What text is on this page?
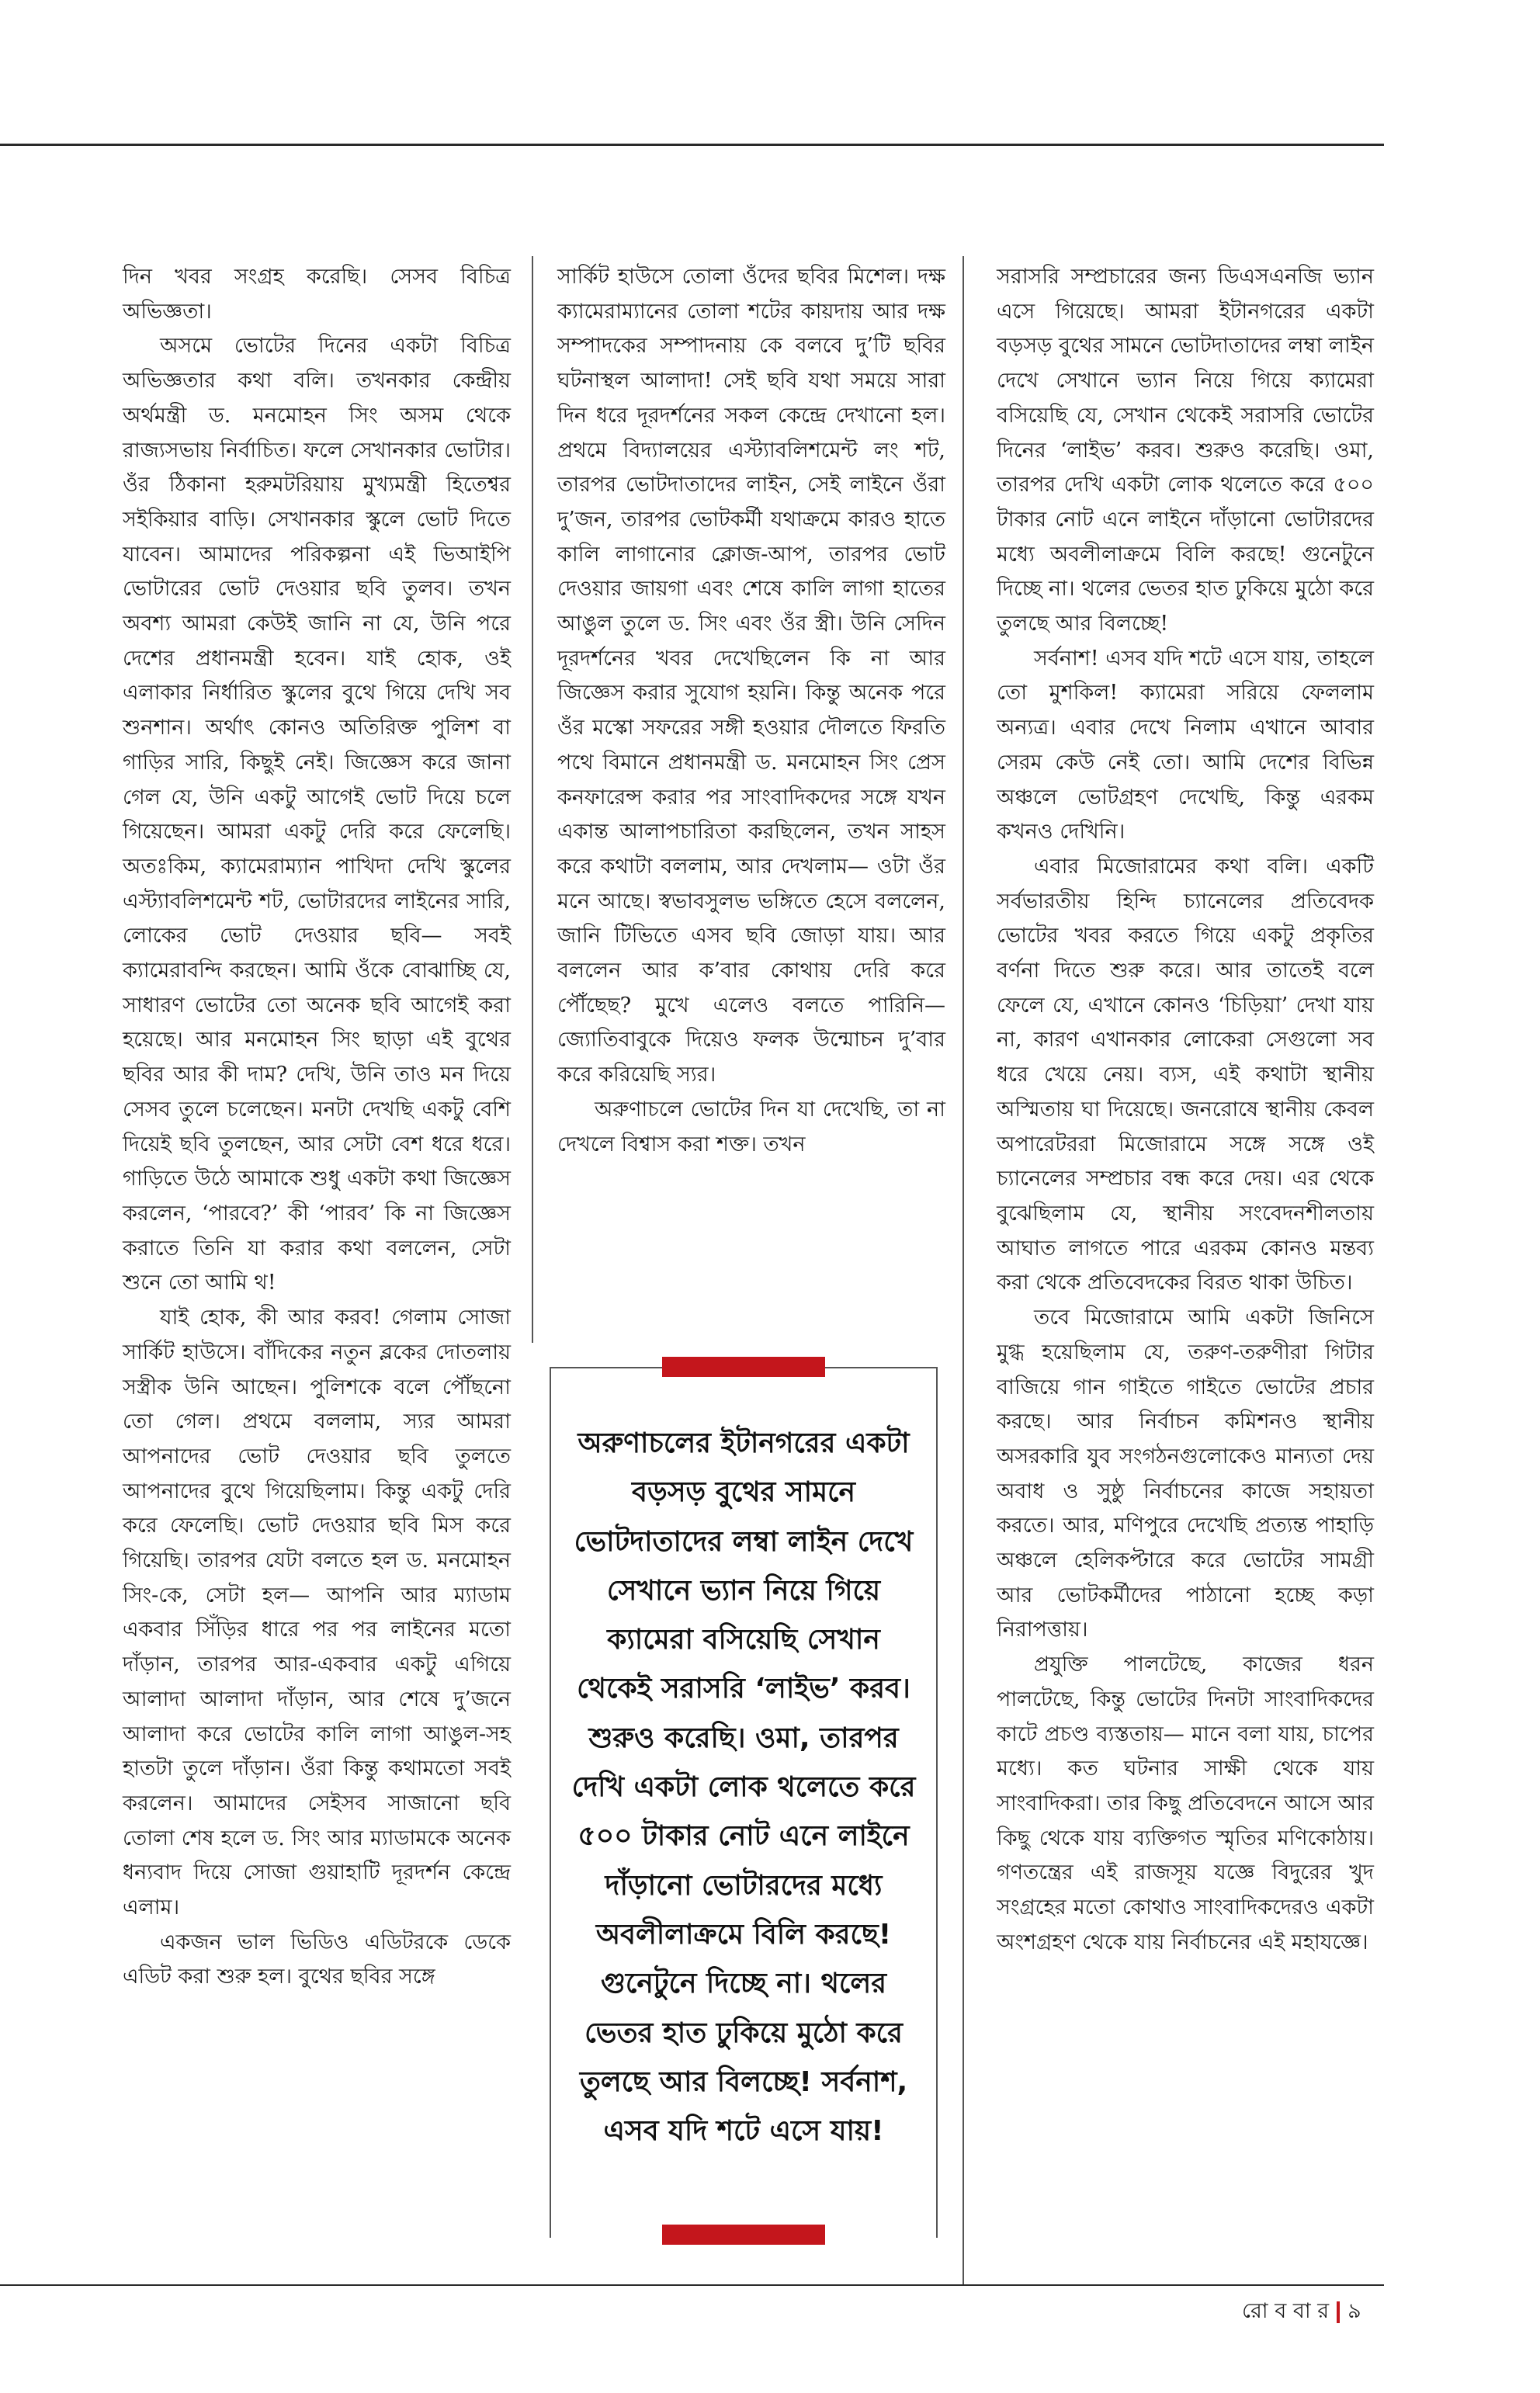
দিন খবর সংগ্রহ করেছি। সেসব বিচিত্র অভিজ্ঞতা।

অসমে ভোটের দিনের একটা বিচিত্র অভিজ্ঞতার কথা বলি। তখনকার কেন্দ্রীয় অর্থমন্ত্রী ড. মনমোহন সিং অসম থেকে রাজ্যসভায় নির্বাচিত। ফলে সেখানকার ভোটার। ওঁর ঠিকানা হরুমটরিয়ায় মুখ্যমন্ত্রী হিতেশ্বর সইকিয়ার বাড়ি। সেখানকার স্কুলে ভোট দিতে যাবেন। আমাদের পরিকল্পনা এই ভিআইপি ভোটারের ভোট দেওয়ার ছবি তুলব। তখন অবশ্য আমরা কেউই জানি না যে, উনি পরে দেশের প্রধানমন্ত্রী হবেন। যাই হোক, ওই এলাকার নির্ধারিত স্কুলের বুথে গিয়ে দেখি সব শুনশান। অর্থাৎ কোনও অতিরিক্ত পুলিশ বা গাড়ির সারি, কিছুই নেই। জিজ্ঞেস করে জানা গেল যে, উনি একটু আগেই ভোট দিয়ে চলে গিয়েছেন। আমরা একটু দেরি করে ফেলেছি। অতঃকিম, ক্যামেরাম্যান পাখিদা দেখি স্কুলের এস্ট্যাবলিশমেন্ট শট, ভোটারদের লাইনের সারি, লোকের ভোট দেওয়ার ছবি— সবই ক্যামেরাবন্দি করছেন। আমি ওঁকে বোঝাচ্ছি যে, সাধারণ ভোটের তো অনেক ছবি আগেই করা হয়েছে। আর মনমোহন সিং ছাড়া এই বুথের ছবির আর কী দাম? দেখি, উনি তাও মন দিয়ে সেসব তুলে চলেছেন। মনটা দেখছি একটু বেশি দিয়েই ছবি তুলছেন, আর সেটা বেশ ধরে ধরে। গাড়িতে উঠে আমাকে শুধু একটা কথা জিজ্ঞেস করলেন, ‘পারবে?’ কী ‘পারব’ কি না জিজ্ঞেস করাতে তিনি যা করার কথা বললেন, সেটা শুনে তো আমি থ!

যাই হোক, কী আর করব! গেলাম সোজা সার্কিট হাউসে। বাঁদিকের নতুন ব্লকের দোতলায় সস্ত্রীক উনি আছেন। পুলিশকে বলে পৌঁছনো তো গেল। প্রথমে বললাম, স্যর আমরা আপনাদের ভোট দেওয়ার ছবি তুলতে আপনাদের বুথে গিয়েছিলাম। কিন্তু একটু দেরি করে ফেলেছি। ভোট দেওয়ার ছবি মিস করে গিয়েছি। তারপর যেটা বলতে হল ড. মনমোহন সিং-কে, সেটা হল— আপনি আর ম্যাডাম একবার সিঁড়ির ধারে পর পর লাইনের মতো দাঁড়ান, তারপর আর-একবার একটু এগিয়ে আলাদা আলাদা দাঁড়ান, আর শেষে দু’জনে আলাদা করে ভোটের কালি লাগা আঙুল-সহ হাতটা তুলে দাঁড়ান। ওঁরা কিন্তু কথামতো সবই করলেন। আমাদের সেইসব সাজানো ছবি তোলা শেষ হলে ড. সিং আর ম্যাডামকে অনেক ধন্যবাদ দিয়ে সোজা গুয়াহাটি দূরদর্শন কেন্দ্রে এলাম।

একজন ভাল ভিডিও এডিটরকে ডেকে এডিট করা শুরু হল। বুথের ছবির সঙ্গে

সার্কিট হাউসে তোলা ওঁদের ছবির মিশেল। দক্ষ ক্যামেরাম্যানের তোলা শটের কায়দায় আর দক্ষ সম্পাদকের সম্পাদনায় কে বলবে দু’টি ছবির ঘটনাস্থল আলাদা! সেই ছবি যথা সময়ে সারা দিন ধরে দূরদর্শনের সকল কেন্দ্রে দেখানো হল। প্রথমে বিদ্যালয়ের এস্ট্যাবলিশমেন্ট লং শট, তারপর ভোটদাতাদের লাইন, সেই লাইনে ওঁরা দু’জন, তারপর ভোটকর্মী যথাক্রমে কারও হাতে কালি লাগানোর ক্লোজ-আপ, তারপর ভোট দেওয়ার জায়গা এবং শেষে কালি লাগা হাতের আঙুল তুলে ড. সিং এবং ওঁর স্ত্রী। উনি সেদিন দূরদর্শনের খবর দেখেছিলেন কি না আর জিজ্ঞেস করার সুযোগ হয়নি। কিন্তু অনেক পরে ওঁর মস্কো সফরের সঙ্গী হওয়ার দৌলতে ফিরতি পথে বিমানে প্রধানমন্ত্রী ড. মনমোহন সিং প্রেস কনফারেন্স করার পর সাংবাদিকদের সঙ্গে যখন একান্ত আলাপচারিতা করছিলেন, তখন সাহস করে কথাটা বললাম, আর দেখলাম— ওটা ওঁর মনে আছে। স্বভাবসুলভ ভঙ্গিতে হেসে বললেন, জানি টিভিতে এসব ছবি জোড়া যায়। আর বললেন আর ক’বার কোথায় দেরি করে পৌঁছেছ? মুখে এলেও বলতে পারিনি— জ্যোতিবাবুকে দিয়েও ফলক উন্মোচন দু’বার করে করিয়েছি স্যর।

অরুণাচলে ভোটের দিন যা দেখেছি, তা না দেখলে বিশ্বাস করা শক্ত। তখন

অরুণাচলের ইটানগরের একটা বড়সড় বুথের সামনে ভোটদাতাদের লম্বা লাইন দেখে সেখানে ভ্যান নিয়ে গিয়ে ক্যামেরা বসিয়েছি সেখান থেকেই সরাসরি ‘লাইভ’ করব। শুরুও করেছি। ওমা, তারপর দেখি একটা লোক থলেতে করে ৫০০ টাকার নোট এনে লাইনে দাঁড়ানো ভোটারদের মধ্যে অবলীলাক্রমে বিলি করছে! গুনেটুনে দিচ্ছে না। থলের ভেতর হাত ঢুকিয়ে মুঠো করে তুলছে আর বিলচ্ছে! সর্বনাশ, এসব যদি শটে এসে যায়!

সরাসরি সম্প্রচারের জন্য ডিএসএনজি ভ্যান এসে গিয়েছে। আমরা ইটানগরের একটা বড়সড় বুথের সামনে ভোটদাতাদের লম্বা লাইন দেখে সেখানে ভ্যান নিয়ে গিয়ে ক্যামেরা বসিয়েছি যে, সেখান থেকেই সরাসরি ভোটের দিনের ‘লাইভ’ করব। শুরুও করেছি। ওমা, তারপর দেখি একটা লোক থলেতে করে ৫০০ টাকার নোট এনে লাইনে দাঁড়ানো ভোটারদের মধ্যে অবলীলাক্রমে বিলি করছে! গুনেটুনে দিচ্ছে না। থলের ভেতর হাত ঢুকিয়ে মুঠো করে তুলছে আর বিলচ্ছে!

সর্বনাশ! এসব যদি শটে এসে যায়, তাহলে তো মুশকিল! ক্যামেরা সরিয়ে ফেললাম অন্যত্র। এবার দেখে নিলাম এখানে আবার সেরম কেউ নেই তো। আমি দেশের বিভিন্ন অঞ্চলে ভোটগ্রহণ দেখেছি, কিন্তু এরকম কখনও দেখিনি।

এবার মিজোরামের কথা বলি। একটি সর্বভারতীয় হিন্দি চ্যানেলের প্রতিবেদক ভোটের খবর করতে গিয়ে একটু প্রকৃতির বর্ণনা দিতে শুরু করে। আর তাতেই বলে ফেলে যে, এখানে কোনও ‘চিড়িয়া’ দেখা যায় না, কারণ এখানকার লোকেরা সেগুলো সব ধরে খেয়ে নেয়। ব্যস, এই কথাটা স্থানীয় অস্মিতায় ঘা দিয়েছে। জনরোষে স্থানীয় কেবল অপারেটররা মিজোরামে সঙ্গে সঙ্গে ওই চ্যানেলের সম্প্রচার বন্ধ করে দেয়। এর থেকে বুঝেছিলাম যে, স্থানীয় সংবেদনশীলতায় আঘাত লাগতে পারে এরকম কোনও মন্তব্য করা থেকে প্রতিবেদকের বিরত থাকা উচিত।

তবে মিজোরামে আমি একটা জিনিসে মুগ্ধ হয়েছিলাম যে, তরুণ-তরুণীরা গিটার বাজিয়ে গান গাইতে গাইতে ভোটের প্রচার করছে। আর নির্বাচন কমিশনও স্থানীয় অসরকারি যুব সংগঠনগুলোকেও মান্যতা দেয় অবাধ ও সুষ্ঠু নির্বাচনের কাজে সহায়তা করতে। আর, মণিপুরে দেখেছি প্রত্যন্ত পাহাড়ি অঞ্চলে হেলিকপ্টারে করে ভোটের সামগ্রী আর ভোটকর্মীদের পাঠানো হচ্ছে কড়া নিরাপত্তায়।

প্রযুক্তি পালটেছে, কাজের ধরন পালটেছে, কিন্তু ভোটের দিনটা সাংবাদিকদের কাটে প্রচণ্ড ব্যস্ততায়— মানে বলা যায়, চাপের মধ্যে। কত ঘটনার সাক্ষী থেকে যায় সাংবাদিকরা। তার কিছু প্রতিবেদনে আসে আর কিছু থেকে যায় ব্যক্তিগত স্মৃতির মণিকোঠায়। গণতন্ত্রের এই রাজসূয় যজ্ঞে বিদুরের খুদ সংগ্রহের মতো কোথাও সাংবাদিকদেরও একটা অংশগ্রহণ থেকে যায় নির্বাচনের এই মহাযজ্ঞে।

রো ব বা র ৯
